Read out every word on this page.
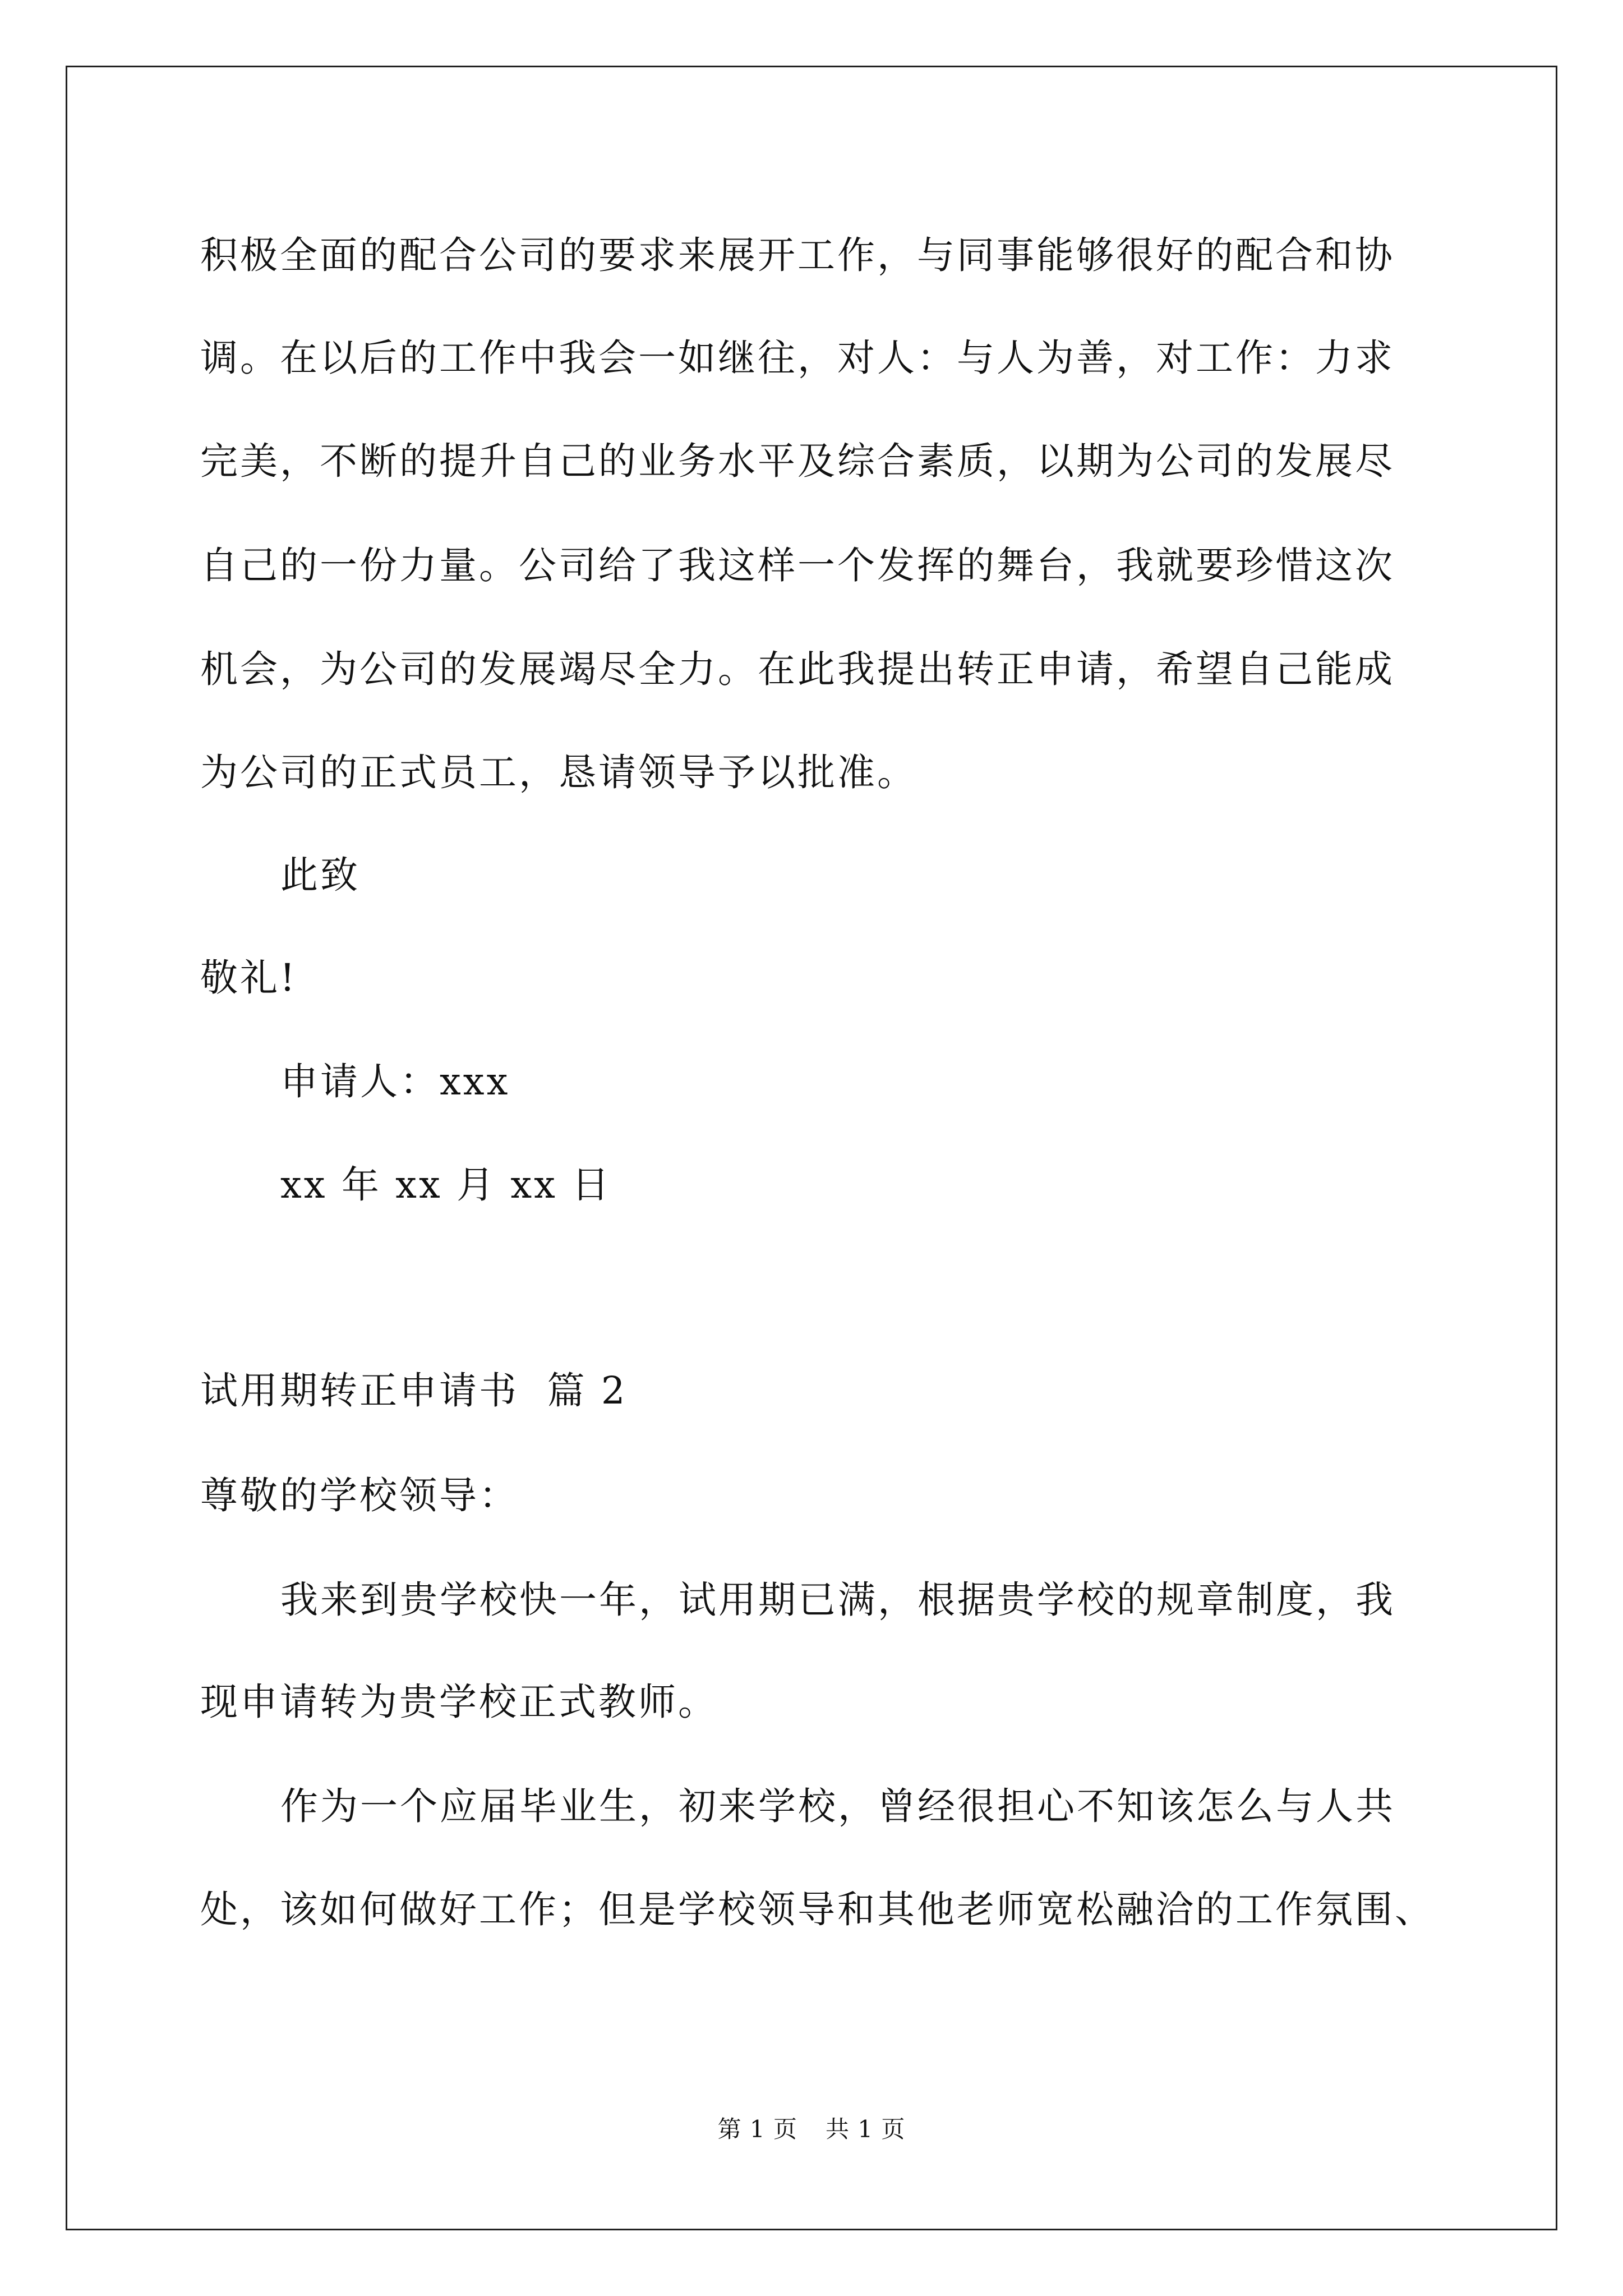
积极全面的配合公司的要求来展开工作，与同事能够很好的配合和协
调。在以后的工作中我会一如继往，对人：与人为善，对工作：力求
完美，不断的提升自己的业务水平及综合素质，以期为公司的发展尽
自己的一份力量。公司给了我这样一个发挥的舞台，我就要珍惜这次
机会，为公司的发展竭尽全力。在此我提出转正申请，希望自己能成
为公司的正式员工，恳请领导予以批准。
此致
敬礼!
申请人：xxx
xx 年 xx 月 xx 日
试用期转正申请书  篇 2
尊敬的学校领导：
我来到贵学校快一年，试用期已满，根据贵学校的规章制度，我
现申请转为贵学校正式教师。
作为一个应届毕业生，初来学校，曾经很担心不知该怎么与人共
处，该如何做好工作；但是学校领导和其他老师宽松融洽的工作氛围、
第 1 页 共 1 页
